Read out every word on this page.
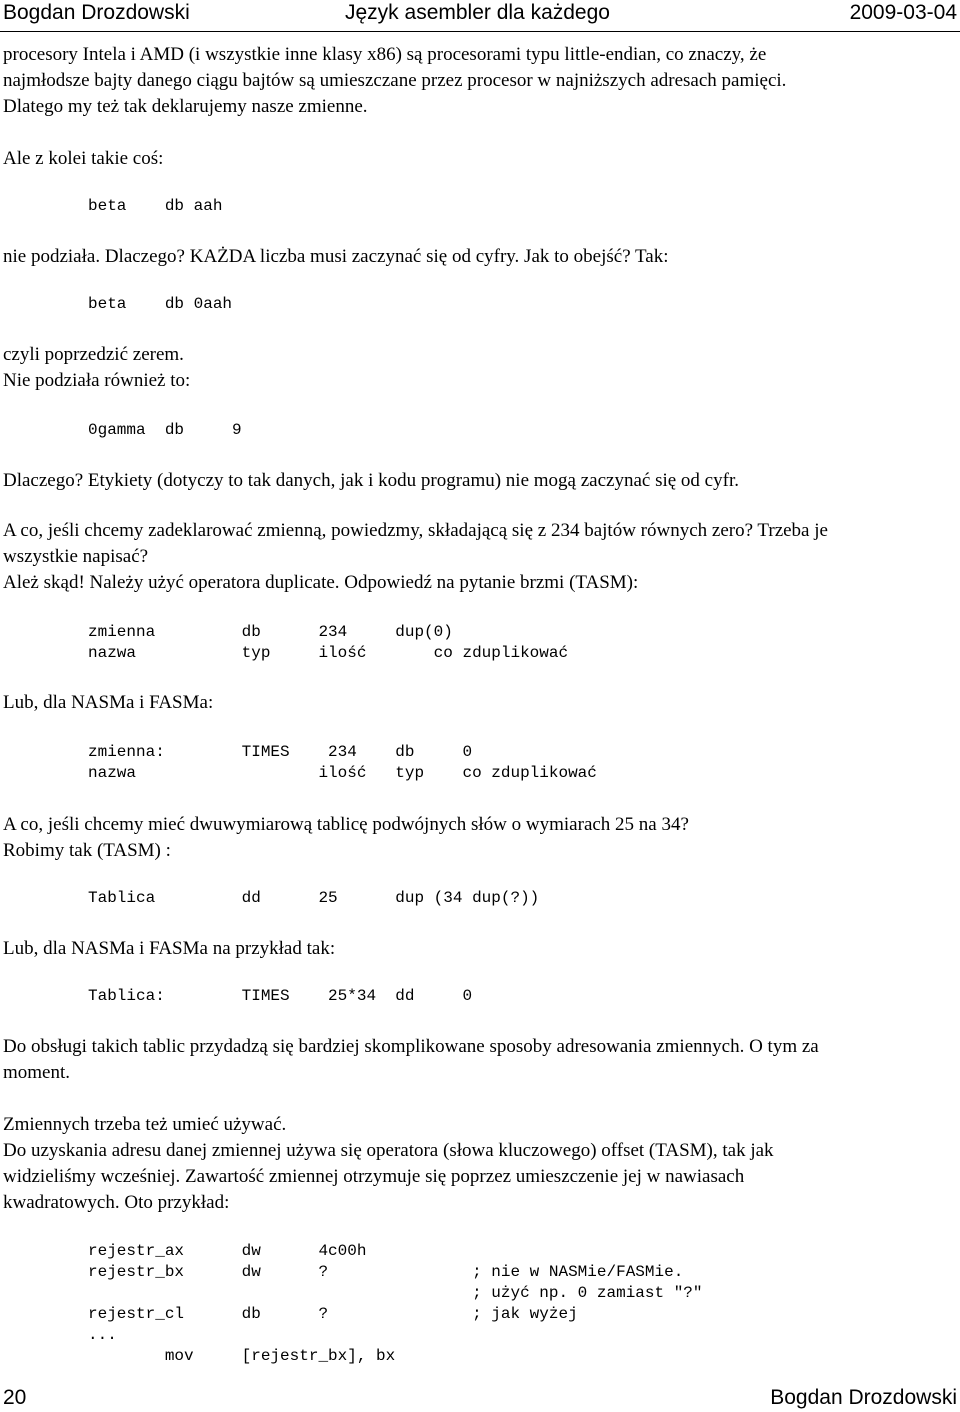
Bogdan Drozdowski	Język asembler dla każdego	2009-03-04
procesory Intela i AMD (i wszystkie inne klasy x86) są procesorami typu little-endian, co znaczy, że
najmłodsze bajty danego ciągu bajtów są umieszczane przez procesor w najniższych adresach pamięci.
Dlatego my też tak deklarujemy nasze zmienne.
Ale z kolei takie coś:
beta    db aah
nie podziała. Dlaczego? KAŻDA liczba musi zaczynać się od cyfry. Jak to obejść? Tak:
beta    db 0aah
czyli poprzedzić zerem.
Nie podziała również to:
0gamma  db     9
Dlaczego? Etykiety (dotyczy to tak danych, jak i kodu programu) nie mogą zaczynać się od cyfr.
A co, jeśli chcemy zadeklarować zmienną, powiedzmy, składającą się z 234 bajtów równych zero? Trzeba je
wszystkie napisać?
Ależ skąd! Należy użyć operatora duplicate. Odpowiedź na pytanie brzmi (TASM):
zmienna         db      234     dup(0)
nazwa           typ     ilość       co zduplikować
Lub, dla NASMa i FASMa:
zmienna:        TIMES    234    db     0
nazwa                   ilość   typ    co zduplikować
A co, jeśli chcemy mieć dwuwymiarową tablicę podwójnych słów o wymiarach 25 na 34?
Robimy tak (TASM) :
Tablica         dd      25      dup (34 dup(?))
Lub, dla NASMa i FASMa na przykład tak:
Tablica:        TIMES    25*34  dd     0
Do obsługi takich tablic przydadzą się bardziej skomplikowane sposoby adresowania zmiennych. O tym za
moment.
Zmiennych trzeba też umieć używać.
Do uzyskania adresu danej zmiennej używa się operatora (słowa kluczowego) offset (TASM), tak jak
widzieliśmy wcześniej. Zawartość zmiennej otrzymuje się poprzez umieszczenie jej w nawiasach
kwadratowych. Oto przykład:
rejestr_ax      dw      4c00h
rejestr_bx      dw      ?               ; nie w NASMie/FASMie.
; użyć np. 0 zamiast "?"
rejestr_cl      db      ?               ; jak wyżej
...
mov     [rejestr_bx], bx
20	Bogdan Drozdowski
